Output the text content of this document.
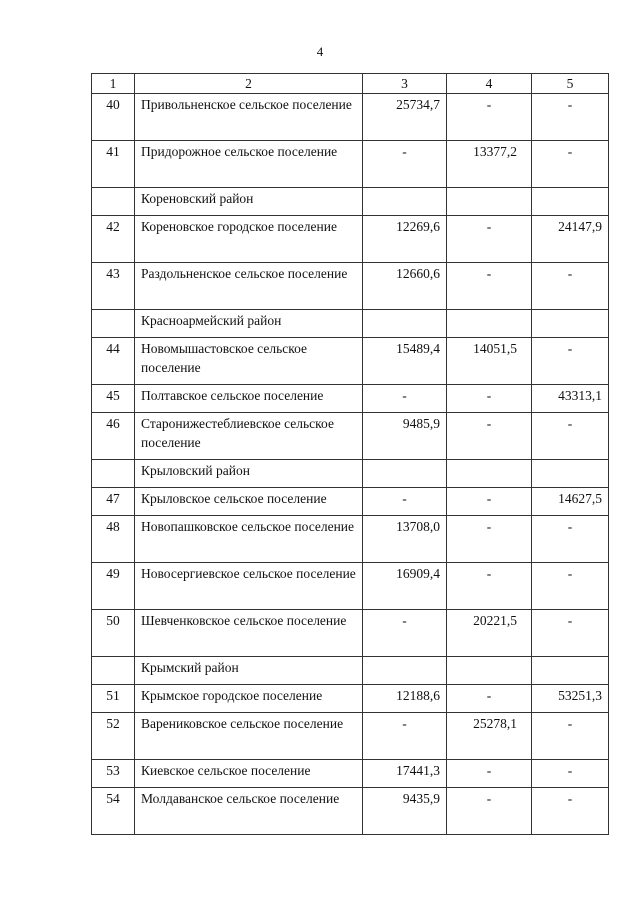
4
1	2	3	4	5
40	Привольненское сельское поселение	25734,7	-	-
41	Придорожное сельское поселение	-	13377,2	-
	Кореновский район			
42	Кореновское городское поселение	12269,6	-	24147,9
43	Раздольненское сельское поселение	12660,6	-	-
	Красноармейский район			
44	Новомышастовское сельское поселение	15489,4	14051,5	-
45	Полтавское сельское поселение	-	-	43313,1
46	Старонижестеблиевское сельское поселение	9485,9	-	-
	Крыловский район			
47	Крыловское сельское поселение	-	-	14627,5
48	Новопашковское сельское поселение	13708,0	-	-
49	Новосергиевское сельское поселение	16909,4	-	-
50	Шевченковское сельское поселение	-	20221,5	-
	Крымский район			
51	Крымское городское поселение	12188,6	-	53251,3
52	Варениковское сельское поселение	-	25278,1	-
53	Киевское сельское поселение	17441,3	-	-
54	Молдаванское сельское поселение	9435,9	-	-
